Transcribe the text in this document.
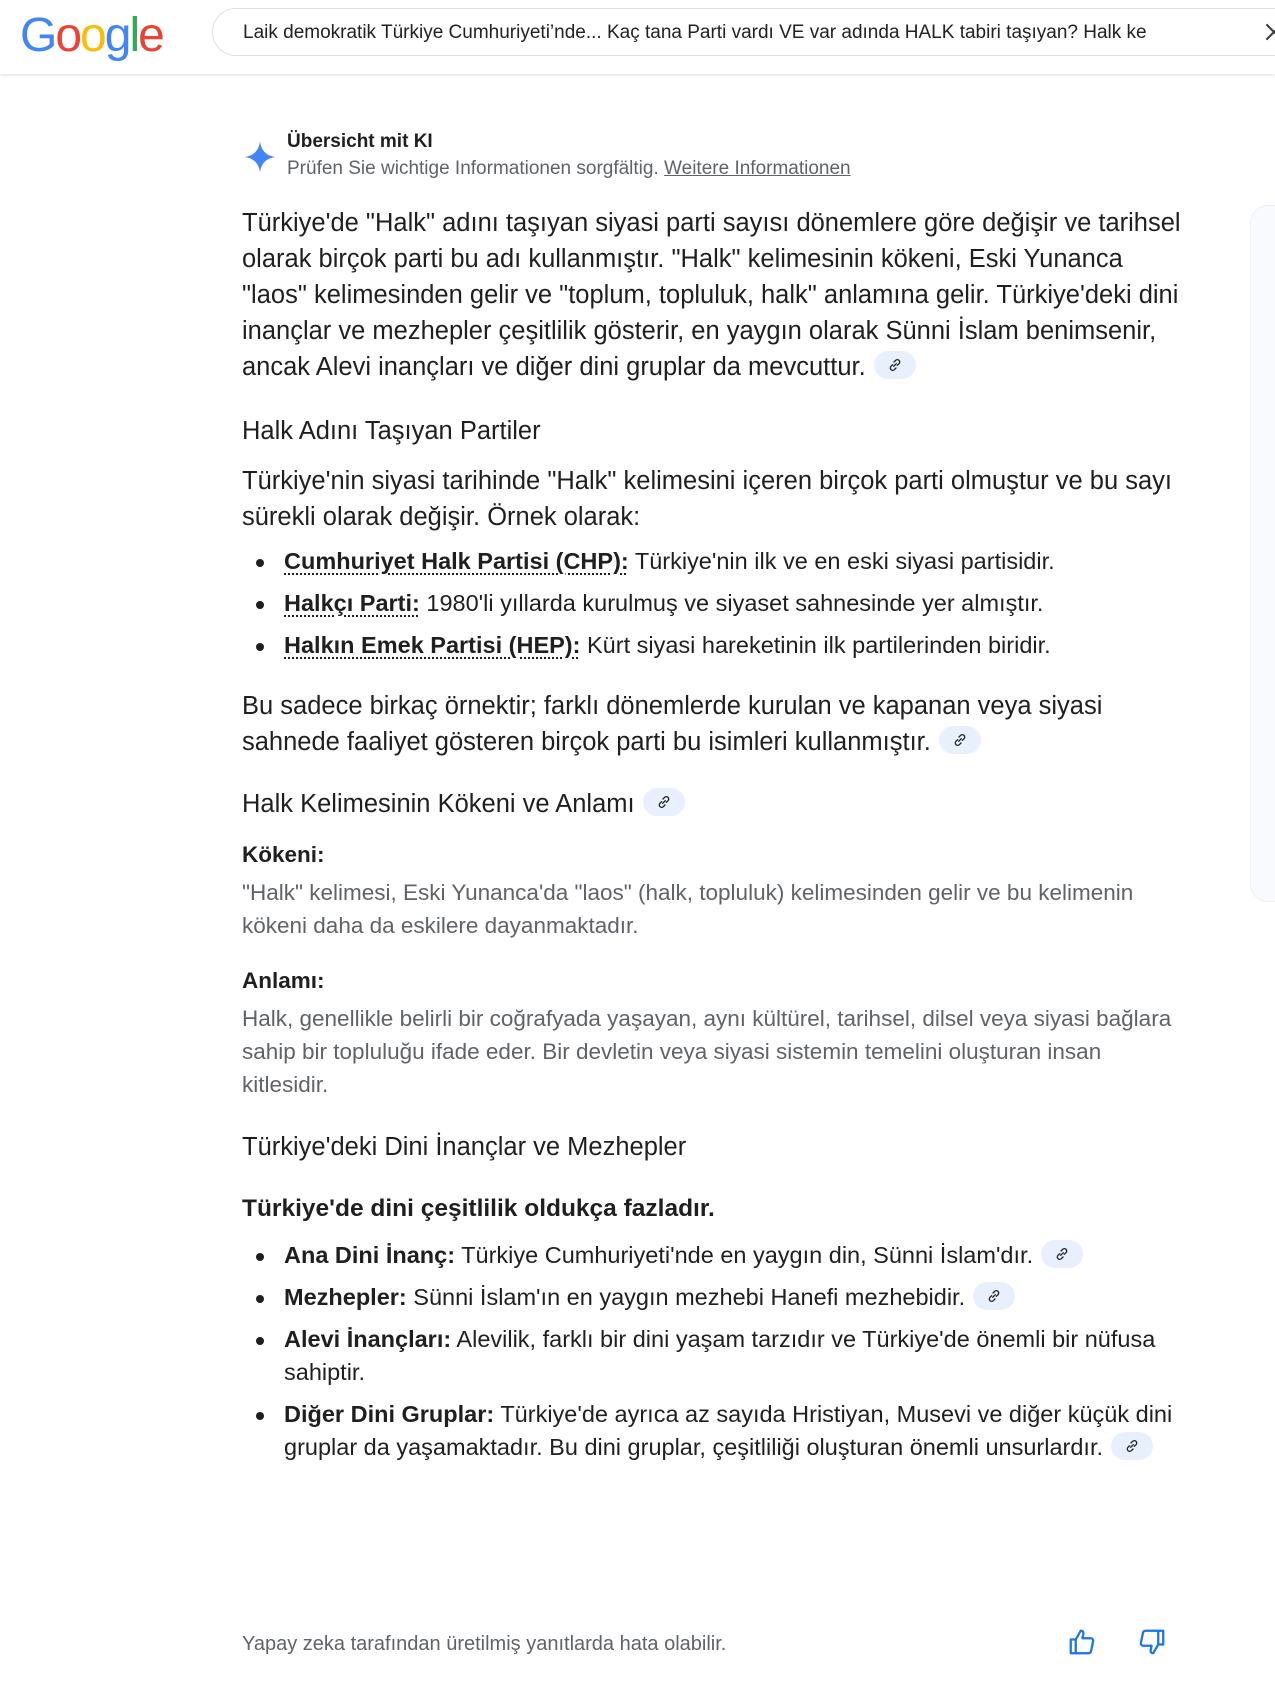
Google	Laik demokratik Türkiye Cumhuriyeti’nde... Kaç tana Parti vardı VE var adında HALK tabiri taşıyan? Halk ke
Übersicht mit KI
Prüfen Sie wichtige Informationen sorgfältig. Weitere Informationen

Türkiye'de "Halk" adını taşıyan siyasi parti sayısı dönemlere göre değişir ve tarihsel olarak birçok parti bu adı kullanmıştır. "Halk" kelimesinin kökeni, Eski Yunanca "laos" kelimesinden gelir ve "toplum, topluluk, halk" anlamına gelir. Türkiye'deki dini inançlar ve mezhepler çeşitlilik gösterir, en yaygın olarak Sünni İslam benimsenir, ancak Alevi inançları ve diğer dini gruplar da mevcuttur.

Halk Adını Taşıyan Partiler

Türkiye'nin siyasi tarihinde "Halk" kelimesini içeren birçok parti olmuştur ve bu sayı sürekli olarak değişir. Örnek olarak:

Cumhuriyet Halk Partisi (CHP): Türkiye'nin ilk ve en eski siyasi partisidir.
Halkçı Parti: 1980'li yıllarda kurulmuş ve siyaset sahnesinde yer almıştır.
Halkın Emek Partisi (HEP): Kürt siyasi hareketinin ilk partilerinden biridir.

Bu sadece birkaç örnektir; farklı dönemlerde kurulan ve kapanan veya siyasi sahnede faaliyet gösteren birçok parti bu isimleri kullanmıştır.

Halk Kelimesinin Kökeni ve Anlamı

Kökeni:

"Halk" kelimesi, Eski Yunanca'da "laos" (halk, topluluk) kelimesinden gelir ve bu kelimenin kökeni daha da eskilere dayanmaktadır.

Anlamı:

Halk, genellikle belirli bir coğrafyada yaşayan, aynı kültürel, tarihsel, dilsel veya siyasi bağlara sahip bir topluluğu ifade eder. Bir devletin veya siyasi sistemin temelini oluşturan insan kitlesidir.

Türkiye'deki Dini İnançlar ve Mezhepler
Türkiye'de dini çeşitlilik oldukça fazladır.
Ana Dini İnanç: Türkiye Cumhuriyeti'nde en yaygın din, Sünni İslam'dır.
Mezhepler: Sünni İslam'ın en yaygın mezhebi Hanefi mezhebidir.
Alevi İnançları: Alevilik, farklı bir dini yaşam tarzıdır ve Türkiye'de önemli bir nüfusa sahiptir.
Diğer Dini Gruplar: Türkiye'de ayrıca az sayıda Hristiyan, Musevi ve diğer küçük dini gruplar da yaşamaktadır. Bu dini gruplar, çeşitliliği oluşturan önemli unsurlardır.
Yapay zeka tarafından üretilmiş yanıtlarda hata olabilir.
